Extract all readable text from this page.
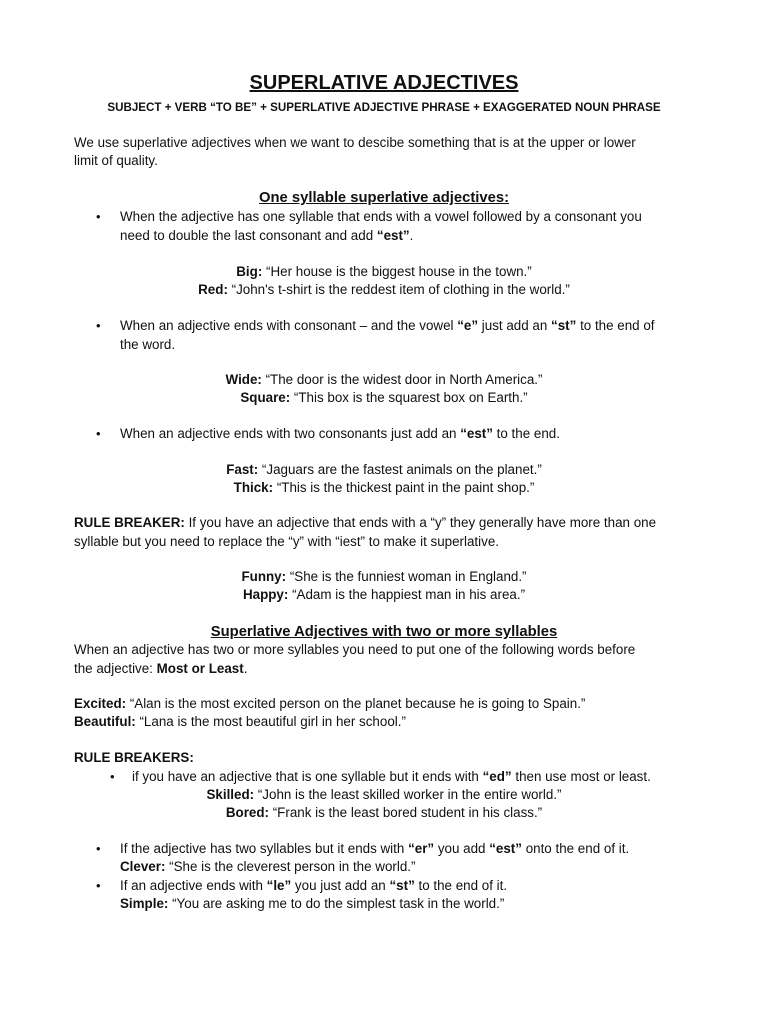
SUPERLATIVE ADJECTIVES
SUBJECT + VERB “TO BE” + SUPERLATIVE ADJECTIVE PHRASE + EXAGGERATED NOUN PHRASE
We use superlative adjectives when we want to descibe something that is at the upper or lower
limit of quality.
One syllable superlative adjectives:
• When the adjective has one syllable that ends with a vowel followed by a consonant you
need to double the last consonant and add “est”.
Big: “Her house is the biggest house in the town.”
Red: “John's t-shirt is the reddest item of clothing in the world.”
• When an adjective ends with consonant – and the vowel “e” just add an “st” to the end of
the word.
Wide: “The door is the widest door in North America.”
Square: “This box is the squarest box on Earth.”
• When an adjective ends with two consonants just add an “est” to the end.
Fast: “Jaguars are the fastest animals on the planet.”
Thick: “This is the thickest paint in the paint shop.”
RULE BREAKER: If you have an adjective that ends with a “y” they generally have more than one
syllable but you need to replace the “y” with “iest” to make it superlative.
Funny: “She is the funniest woman in England.”
Happy: “Adam is the happiest man in his area.”
Superlative Adjectives with two or more syllables
When an adjective has two or more syllables you need to put one of the following words before
the adjective: Most or Least.
Excited: “Alan is the most excited person on the planet because he is going to Spain.”
Beautiful: “Lana is the most beautiful girl in her school.”
RULE BREAKERS:
• if you have an adjective that is one syllable but it ends with “ed” then use most or least.
Skilled: “John is the least skilled worker in the entire world.”
Bored: “Frank is the least bored student in his class.”
• If the adjective has two syllables but it ends with “er” you add “est” onto the end of it.
Clever: “She is the cleverest person in the world.”
• If an adjective ends with “le” you just add an “st” to the end of it.
Simple: “You are asking me to do the simplest task in the world.”
